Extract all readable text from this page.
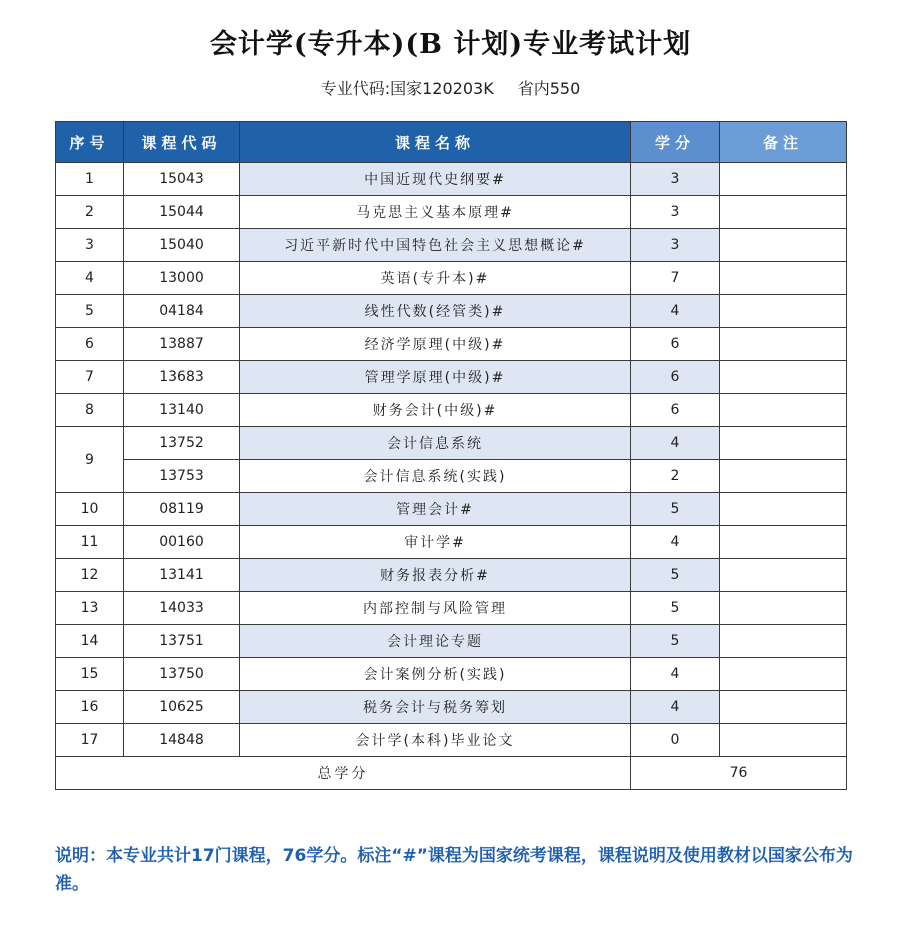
会计学(专升本)(B 计划)专业考试计划
专业代码:国家120203K 省内550
序号	课程代码	课程名称	学分	备注
1	15043	中国近现代史纲要#	3	
2	15044	马克思主义基本原理#	3	
3	15040	习近平新时代中国特色社会主义思想概论#	3	
4	13000	英语(专升本)#	7	
5	04184	线性代数(经管类)#	4	
6	13887	经济学原理(中级)#	6	
7	13683	管理学原理(中级)#	6	
8	13140	财务会计(中级)#	6	
9	13752	会计信息系统	4	
	13753	会计信息系统(实践)	2	
10	08119	管理会计#	5	
11	00160	审计学#	4	
12	13141	财务报表分析#	5	
13	14033	内部控制与风险管理	5	
14	13751	会计理论专题	5	
15	13750	会计案例分析(实践)	4	
16	10625	税务会计与税务筹划	4	
17	14848	会计学(本科)毕业论文	0	
总学分			76	
说明：本专业共计17门课程，76学分。标注“#”课程为国家统考课程，课程说明及使用教材以国家公布为准。
